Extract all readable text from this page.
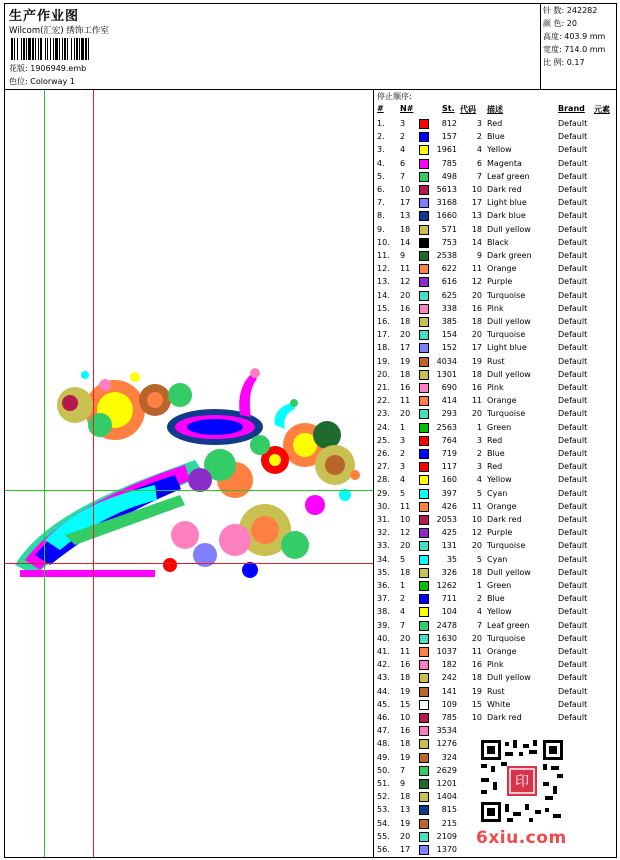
生产作业图
Wilcom(汇宏) 绣饰工作室
花版: 1906949.emb
色位: Colorway 1
针 数: 242282
颜 色: 20
高度: 403.9 mm
宽度: 714.0 mm
比 例: 0.17
停止顺序:
# N#	St. 代码 描述	Brand 元素
1. 3	812	3 Red	Default
2. 2	157	2 Blue	Default
3. 4	1961	4 Yellow	Default
4. 6	785	6 Magenta	Default
5. 7	498	7 Leaf green	Default
6. 10	5613	10 Dark red	Default
7. 17	3168	17 Light blue	Default
8. 13	1660	13 Dark blue	Default
9. 18	571	18 Dull yellow	Default
10. 14	753	14 Black	Default
11. 9	2538	9 Dark green	Default
12. 11	622	11 Orange	Default
13. 12	616	12 Purple	Default
14. 20	625	20 Turquoise	Default
15. 16	338	16 Pink	Default
16. 18	385	18 Dull yellow	Default
17. 20	154	20 Turquoise	Default
18. 17	152	17 Light blue	Default
19. 19	4034	19 Rust	Default
20. 18	1301	18 Dull yellow	Default
21. 16	690	16 Pink	Default
22. 11	414	11 Orange	Default
23. 20	293	20 Turquoise	Default
24. 1	2563	1 Green	Default
25. 3	764	3 Red	Default
26. 2	719	2 Blue	Default
27. 3	117	3 Red	Default
28. 4	160	4 Yellow	Default
29. 5	397	5 Cyan	Default
30. 11	426	11 Orange	Default
31. 10	2053	10 Dark red	Default
32. 12	425	12 Purple	Default
33. 20	131	20 Turquoise	Default
34. 5	35	5 Cyan	Default
35. 18	326	18 Dull yellow	Default
36. 1	1262	1 Green	Default
37. 2	711	2 Blue	Default
38. 4	104	4 Yellow	Default
39. 7	2478	7 Leaf green	Default
40. 20	1630	20 Turquoise	Default
41. 11	1037	11 Orange	Default
42. 16	182	16 Pink	Default
43. 18	242	18 Dull yellow	Default
44. 19	141	19 Rust	Default
45. 15	109	15 White	Default
46. 10	785	10 Dark red	Default
47. 16	3534
48. 18	1276
49. 19	324
50. 7	2629
51. 9	1201
52. 18	1404
53. 13	815
54. 19	215
55. 20	2109
56. 17	1370
印
6xiu.com
